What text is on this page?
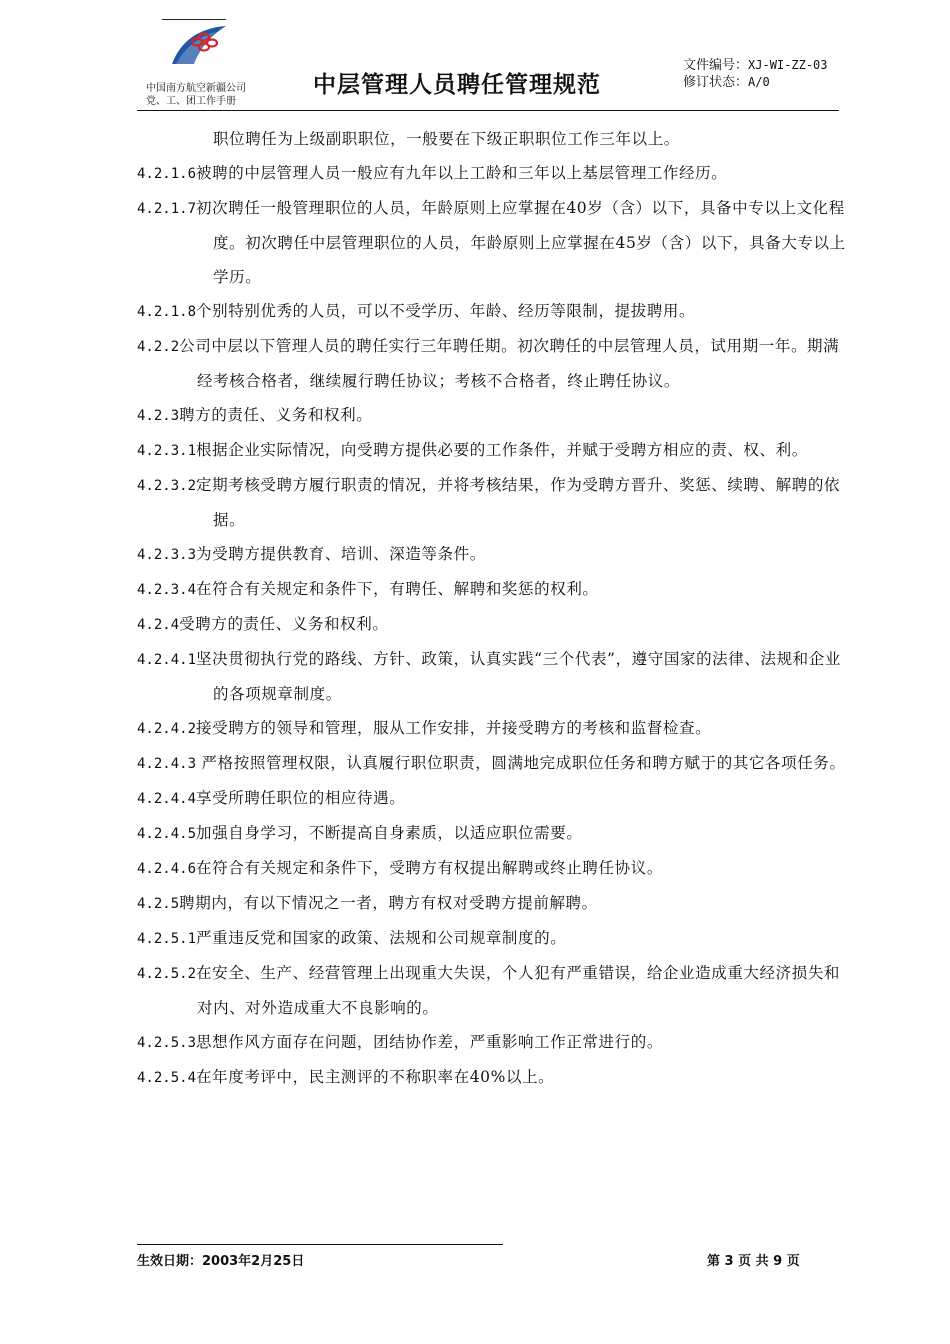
中国南方航空新疆公司
党、工、团工作手册
中层管理人员聘任管理规范
文件编号：XJ-WI-ZZ-03
修订状态：A/0
职位聘任为上级副职职位，一般要在下级正职职位工作三年以上。
4.2.1.6被聘的中层管理人员一般应有九年以上工龄和三年以上基层管理工作经历。
4.2.1.7初次聘任一般管理职位的人员，年龄原则上应掌握在40岁（含）以下，具备中专以上文化程度。初次聘任中层管理职位的人员，年龄原则上应掌握在45岁（含）以下，具备大专以上学历。
4.2.1.8个别特别优秀的人员，可以不受学历、年龄、经历等限制，提拔聘用。
4.2.2公司中层以下管理人员的聘任实行三年聘任期。初次聘任的中层管理人员，试用期一年。期满经考核合格者，继续履行聘任协议；考核不合格者，终止聘任协议。
4.2.3聘方的责任、义务和权利。
4.2.3.1根据企业实际情况，向受聘方提供必要的工作条件，并赋于受聘方相应的责、权、利。
4.2.3.2定期考核受聘方履行职责的情况，并将考核结果，作为受聘方晋升、奖惩、续聘、解聘的依据。
4.2.3.3为受聘方提供教育、培训、深造等条件。
4.2.3.4在符合有关规定和条件下，有聘任、解聘和奖惩的权利。
4.2.4受聘方的责任、义务和权利。
4.2.4.1坚决贯彻执行党的路线、方针、政策，认真实践“三个代表”，遵守国家的法律、法规和企业的各项规章制度。
4.2.4.2接受聘方的领导和管理，服从工作安排，并接受聘方的考核和监督检查。
4.2.4.3 严格按照管理权限，认真履行职位职责，圆满地完成职位任务和聘方赋于的其它各项任务。
4.2.4.4享受所聘任职位的相应待遇。
4.2.4.5加强自身学习，不断提高自身素质，以适应职位需要。
4.2.4.6在符合有关规定和条件下，受聘方有权提出解聘或终止聘任协议。
4.2.5聘期内，有以下情况之一者，聘方有权对受聘方提前解聘。
4.2.5.1严重违反党和国家的政策、法规和公司规章制度的。
4.2.5.2在安全、生产、经营管理上出现重大失误，个人犯有严重错误，给企业造成重大经济损失和对内、对外造成重大不良影响的。
4.2.5.3思想作风方面存在问题，团结协作差，严重影响工作正常进行的。
4.2.5.4在年度考评中，民主测评的不称职率在40%以上。
生效日期：2003年2月25日	第 3 页 共 9 页
